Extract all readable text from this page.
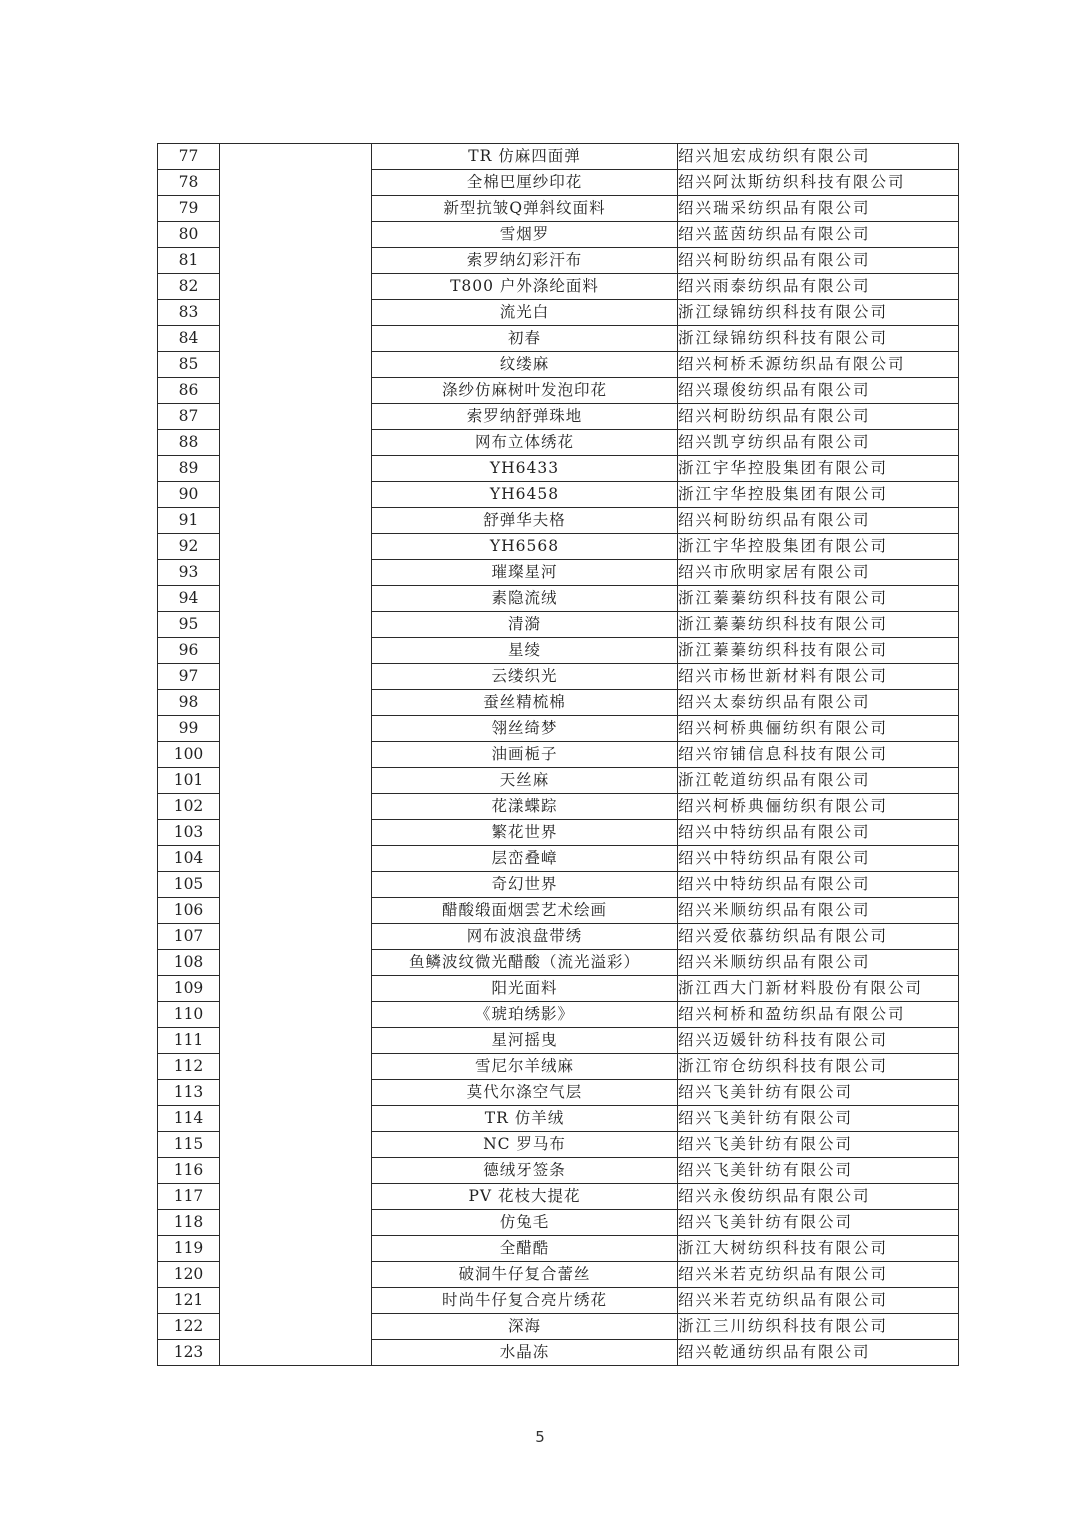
77		TR 仿麻四面弹	绍兴旭宏成纺织有限公司
78		全棉巴厘纱印花	绍兴阿汰斯纺织科技有限公司
79		新型抗皱Q弹斜纹面料	绍兴瑞采纺织品有限公司
80		雪烟罗	绍兴蓝茵纺织品有限公司
81		索罗纳幻彩汗布	绍兴柯盼纺织品有限公司
82		T800 户外涤纶面料	绍兴雨泰纺织品有限公司
83		流光白	浙江绿锦纺织科技有限公司
84		初春	浙江绿锦纺织科技有限公司
85		纹缕麻	绍兴柯桥禾源纺织品有限公司
86		涤纱仿麻树叶发泡印花	绍兴璟俊纺织品有限公司
87		索罗纳舒弹珠地	绍兴柯盼纺织品有限公司
88		网布立体绣花	绍兴凯亨纺织品有限公司
89		YH6433	浙江宇华控股集团有限公司
90		YH6458	浙江宇华控股集团有限公司
91		舒弹华夫格	绍兴柯盼纺织品有限公司
92		YH6568	浙江宇华控股集团有限公司
93		璀璨星河	绍兴市欣明家居有限公司
94		素隐流绒	浙江蓁蓁纺织科技有限公司
95		清漪	浙江蓁蓁纺织科技有限公司
96		星绫	浙江蓁蓁纺织科技有限公司
97		云缕织光	绍兴市杨世新材料有限公司
98		蚕丝精梳棉	绍兴太泰纺织品有限公司
99		翎丝绮梦	绍兴柯桥典俪纺织有限公司
100		油画栀子	绍兴帘铺信息科技有限公司
101		天丝麻	浙江乾道纺织品有限公司
102		花漾蝶踪	绍兴柯桥典俪纺织有限公司
103		繁花世界	绍兴中特纺织品有限公司
104		层峦叠嶂	绍兴中特纺织品有限公司
105		奇幻世界	绍兴中特纺织品有限公司
106		醋酸缎面烟雲艺术绘画	绍兴米顺纺织品有限公司
107		网布波浪盘带绣	绍兴爱依慕纺织品有限公司
108		鱼鳞波纹微光醋酸（流光溢彩）	绍兴米顺纺织品有限公司
109		阳光面料	浙江西大门新材料股份有限公司
110		《琥珀绣影》	绍兴柯桥和盈纺织品有限公司
111		星河摇曳	绍兴迈媛针纺科技有限公司
112		雪尼尔羊绒麻	浙江帘仓纺织科技有限公司
113		莫代尔涤空气层	绍兴飞美针纺有限公司
114		TR 仿羊绒	绍兴飞美针纺有限公司
115		NC 罗马布	绍兴飞美针纺有限公司
116		德绒牙签条	绍兴飞美针纺有限公司
117		PV 花枝大提花	绍兴永俊纺织品有限公司
118		仿兔毛	绍兴飞美针纺有限公司
119		全醋酷	浙江大树纺织科技有限公司
120		破洞牛仔复合蕾丝	绍兴米若克纺织品有限公司
121		时尚牛仔复合亮片绣花	绍兴米若克纺织品有限公司
122		深海	浙江三川纺织科技有限公司
123		水晶冻	绍兴乾通纺织品有限公司
5
